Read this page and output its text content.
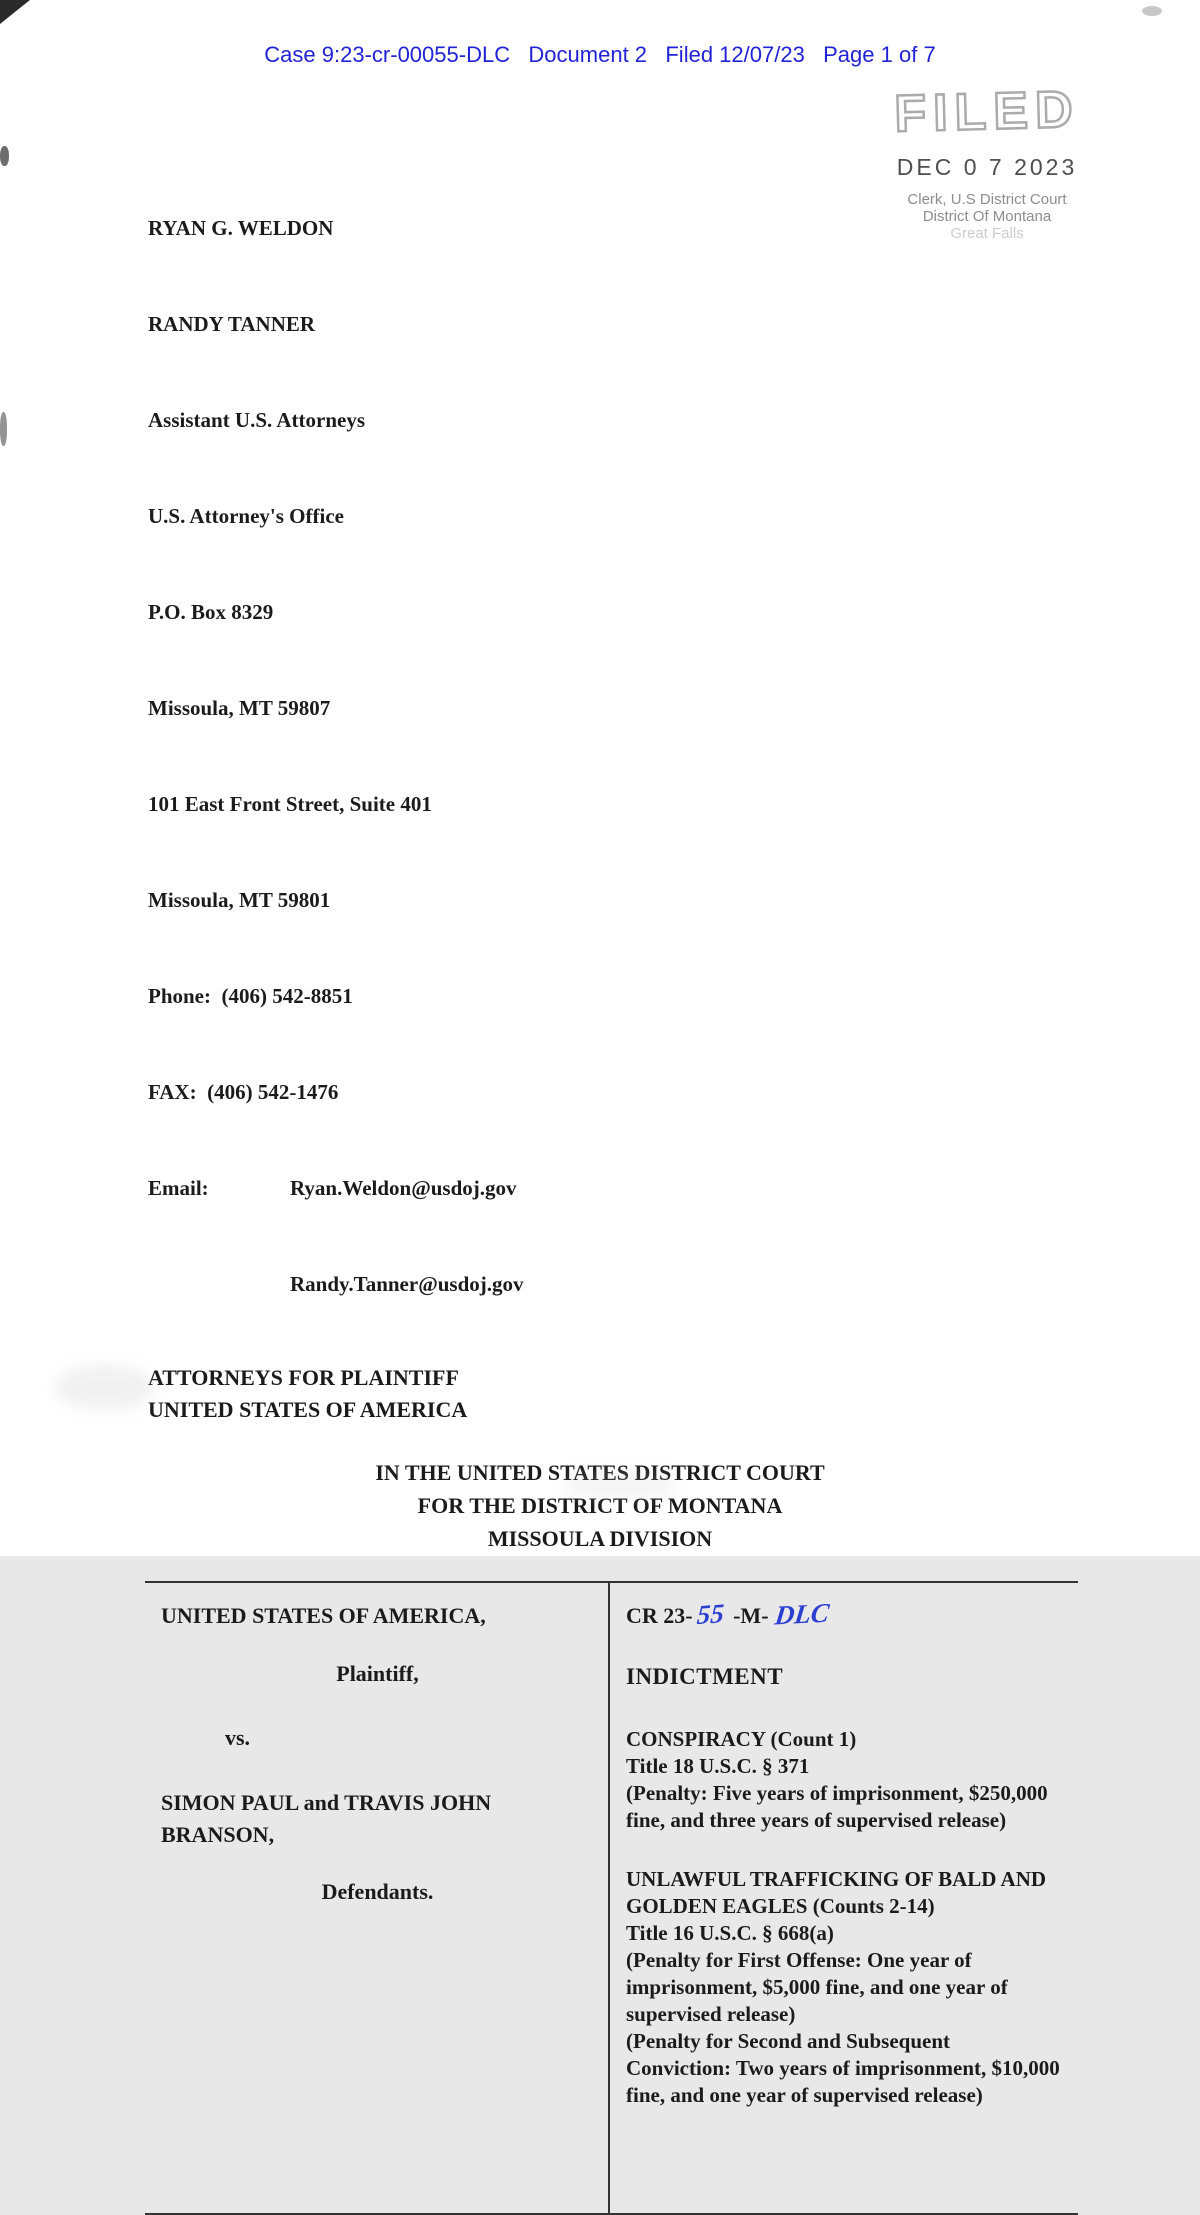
Case 9:23-cr-00055-DLC   Document 2   Filed 12/07/23   Page 1 of 7
FILED
DEC 0 7 2023
Clerk, U.S District Court
District Of Montana
Great Falls

RYAN G. WELDON

RANDY TANNER

Assistant U.S. Attorneys

U.S. Attorney's Office

P.O. Box 8329

Missoula, MT 59807

101 East Front Street, Suite 401

Missoula, MT 59801

Phone:  (406) 542-8851

FAX:  (406) 542-1476

Email:	Ryan.Weldon@usdoj.gov

Randy.Tanner@usdoj.gov

ATTORNEYS FOR PLAINTIFF
UNITED STATES OF AMERICA
IN THE UNITED STATES DISTRICT COURT
FOR THE DISTRICT OF MONTANA
MISSOULA DIVISION
UNITED STATES OF AMERICA,
Plaintiff,
vs.
SIMON PAUL and TRAVIS JOHN BRANSON,
Defendants.
CR 23- 55 -M- DLC
INDICTMENT
CONSPIRACY (Count 1)
Title 18 U.S.C. § 371
(Penalty: Five years of imprisonment, $250,000 fine, and three years of supervised release)
UNLAWFUL TRAFFICKING OF BALD AND GOLDEN EAGLES (Counts 2-14)
Title 16 U.S.C. § 668(a)
(Penalty for First Offense: One year of imprisonment, $5,000 fine, and one year of supervised release)
(Penalty for Second and Subsequent Conviction: Two years of imprisonment, $10,000 fine, and one year of supervised release)
